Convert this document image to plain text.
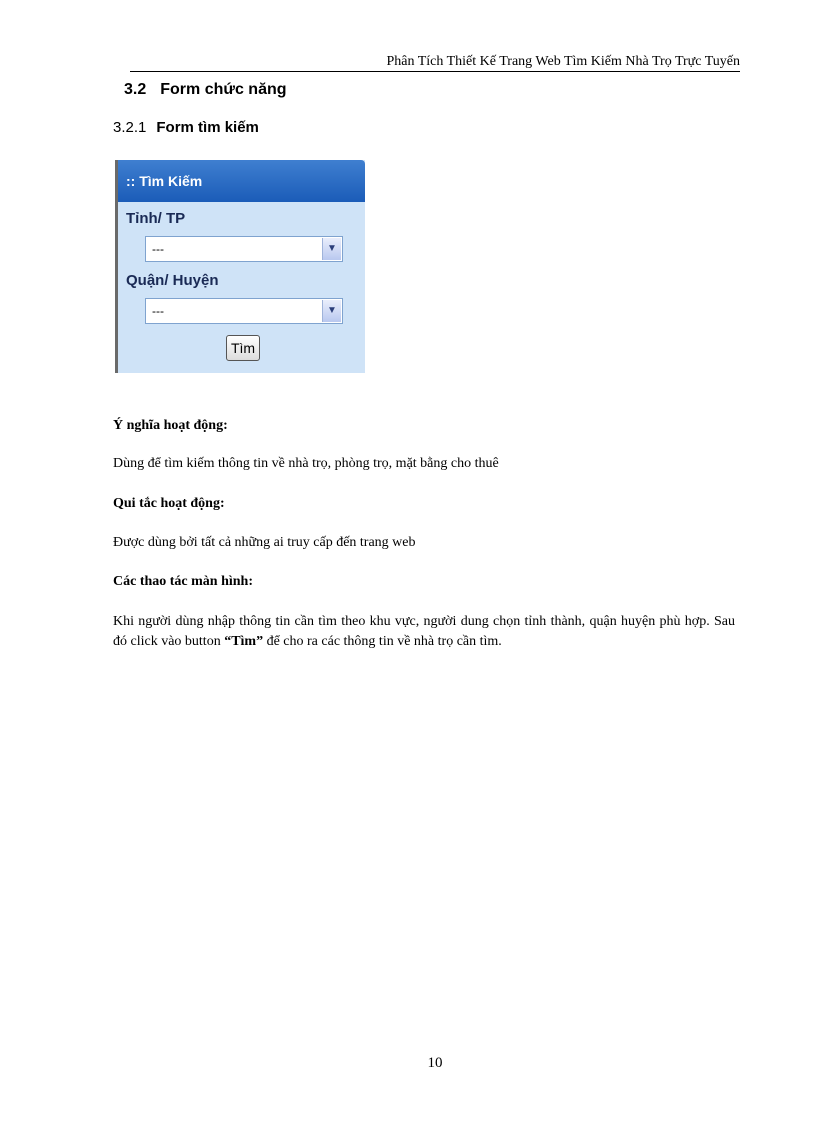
Phân Tích Thiết Kế Trang Web Tìm Kiếm Nhà Trọ Trực Tuyến
3.2 Form chức năng
3.2.1 Form tìm kiếm
:: Tìm Kiếm
Tỉnh/ TP
---	▼
Quận/ Huyện
---	▼
Tìm
Ý nghĩa hoạt động:
Dùng để tìm kiếm thông tin về nhà trọ, phòng trọ, mặt bằng cho thuê
Qui tắc hoạt động:
Được dùng bởi tất cả những ai truy cấp đến trang web
Các thao tác màn hình:
Khi người dùng nhập thông tin cần tìm theo khu vực, người dung chọn tỉnh thành, quận huyện phù hợp. Sau đó click vào button “Tìm” để cho ra các thông tin về nhà trọ cần tìm.
10
